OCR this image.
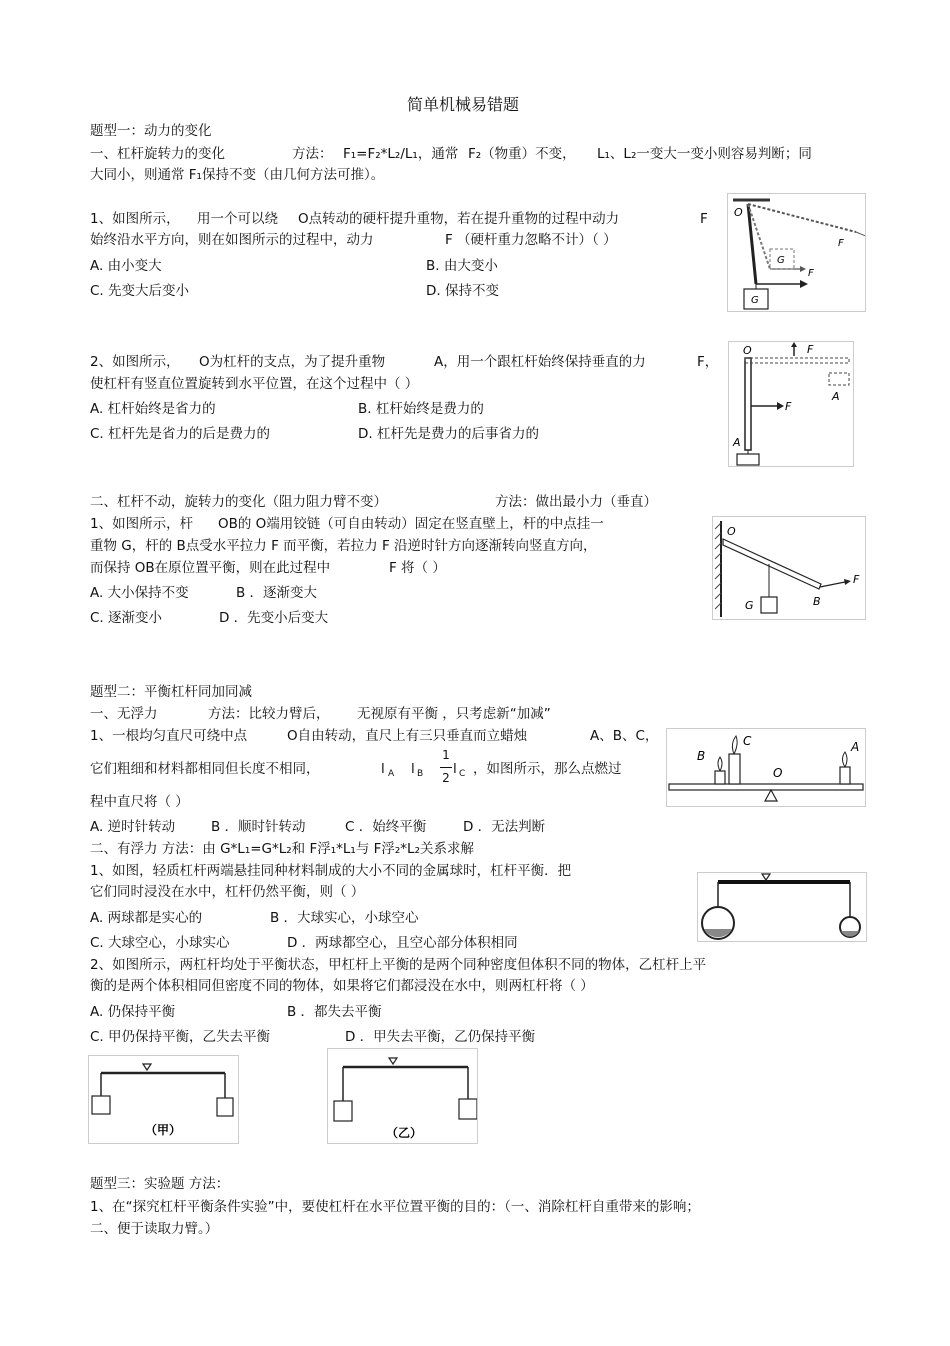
简单机械易错题
题型一：动力的变化
一、杠杆旋转力的变化	方法： F₁=F₂*L₂/L₁，通常 F₂（物重）不变， L₁、L₂一变大一变小则容易判断；同
大同小，则通常 F₁保持不变（由几何方法可推）。
1、如图所示， 用一个可以绕 O点转动的硬杆提升重物，若在提升重物的过程中动力	F
始终沿水平方向，则在如图所示的过程中，动力	F （硬杆重力忽略不计）（ ）
A. 由小变大	B. 由大变小
C. 先变大后变小	D. 保持不变
2、如图所示， O为杠杆的支点，为了提升重物	A，用一个跟杠杆始终保持垂直的力	F，
使杠杆有竖直位置旋转到水平位置，在这个过程中（ ）
A. 杠杆始终是省力的	B. 杠杆始终是费力的
C. 杠杆先是省力的后是费力的	D. 杠杆先是费力的后事省力的
二、杠杆不动，旋转力的变化（阻力阻力臂不变）	方法：做出最小力（垂直）
1、如图所示，杆 OB的 O端用铰链（可自由转动）固定在竖直壁上，杆的中点挂一
重物 G，杆的 B点受水平拉力 F 而平衡，若拉力 F 沿逆时针方向逐渐转向竖直方向，
而保持 OB在原位置平衡，则在此过程中	F 将（ ）
A. 大小保持不变	B ．逐渐变大
C. 逐渐变小	D ．先变小后变大
题型二：平衡杠杆同加同减
一、无浮力	方法：比较力臂后， 无视原有平衡 ，只考虑新“加减”
1、一根均匀直尺可绕中点	O自由转动，直尺上有三只垂直而立蜡烛	A、B、C，
它们粗细和材料都相同但长度不相同，	l A l B
1
2
l C ，如图所示，那么点燃过
程中直尺将（ ）
A. 逆时针转动	B ．顺时针转动	C ．始终平衡	D ．无法判断
二、有浮力 方法：由 G*L₁=G*L₂和 F浮₁*L₁与 F浮₂*L₂关系求解
1、如图，轻质杠杆两端悬挂同种材料制成的大小不同的金属球时，杠杆平衡．把
它们同时浸没在水中，杠杆仍然平衡，则（ ）
A. 两球都是实心的	B ．大球实心，小球空心
C. 大球空心，小球实心	D ．两球都空心，且空心部分体积相同
2、如图所示，两杠杆均处于平衡状态，甲杠杆上平衡的是两个同种密度但体积不同的物体，乙杠杆上平
衡的是两个体积相同但密度不同的物体，如果将它们都浸没在水中，则两杠杆将（ ）
A. 仍保持平衡	B ．都失去平衡
C. 甲仍保持平衡，乙失去平衡	D ．甲失去平衡，乙仍保持平衡
题型三：实验题 方法：
1、在“探究杠杆平衡条件实验”中，要使杠杆在水平位置平衡的目的：（一、消除杠杆自重带来的影响；
二、便于读取力臂。）
O
G
G
F
F
O	F
F
A
A
O
B
G
F
B
C	A
O
（甲）	（乙）
